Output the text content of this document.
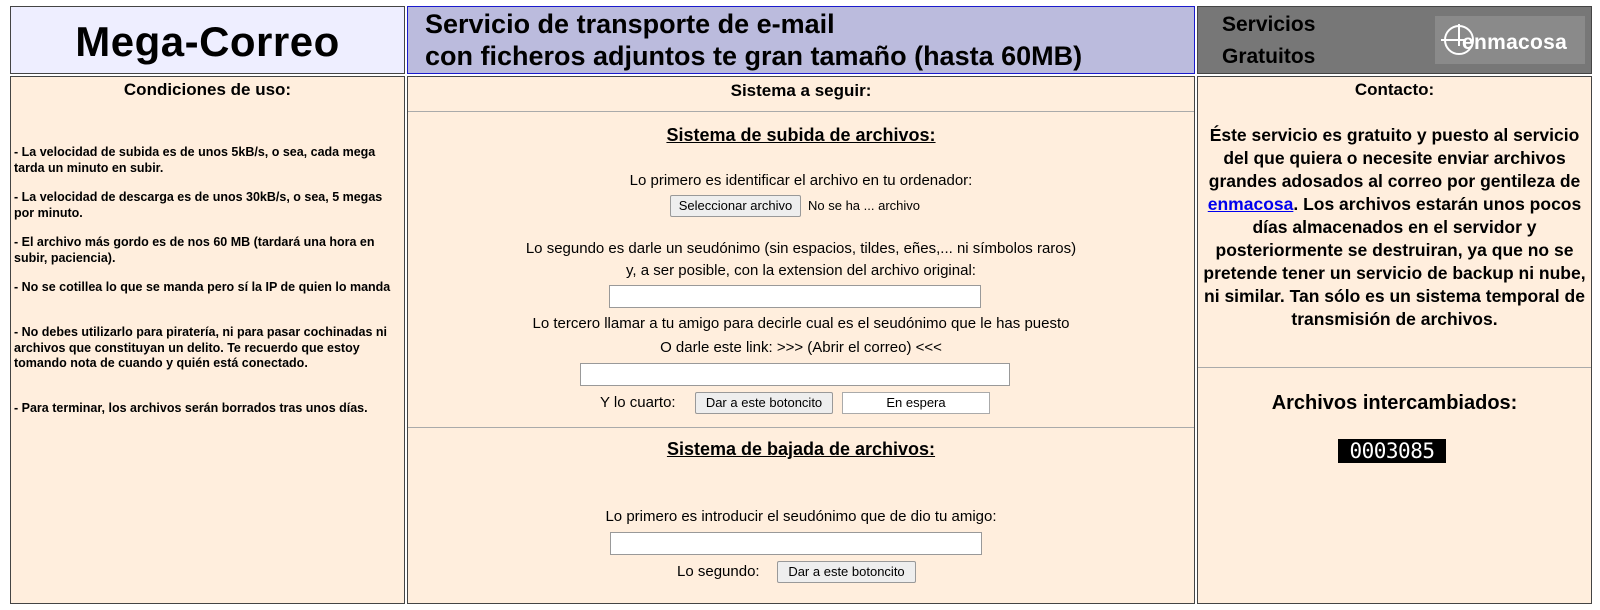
Mega-Correo	Servicio de transporte de e-mail
con ficheros adjuntos te gran tamaño (hasta 60MB)
Servicios
Gratuitos
enmacosa
Condiciones de uso:
- La velocidad de subida es de unos 5kB/s, o sea, cada mega tarda un minuto en subir.
- La velocidad de descarga es de unos 30kB/s, o sea, 5 megas por minuto.
- El archivo más gordo es de nos 60 MB (tardará una hora en subir, paciencia).
- No se cotillea lo que se manda pero sí la IP de quien lo manda
- No debes utilizarlo para piratería, ni para pasar cochinadas ni archivos que constituyan un delito. Te recuerdo que estoy tomando nota de cuando y quién está conectado.
- Para terminar, los archivos serán borrados tras unos días.
Sistema a seguir:
Sistema de subida de archivos:
Lo primero es identificar el archivo en tu ordenador:
Seleccionar archivo	No se ha ... archivo
Lo segundo es darle un seudónimo (sin espacios, tildes, eñes,... ni símbolos raros)
y, a ser posible, con la extension del archivo original:
Lo tercero llamar a tu amigo para decirle cual es el seudónimo que le has puesto
O darle este link: >>> (Abrir el correo) <<<
Y lo cuarto:	Dar a este botoncito	En espera
Sistema de bajada de archivos:
Lo primero es introducir el seudónimo que de dio tu amigo:
Lo segundo:	Dar a este botoncito
Contacto:
Éste servicio es gratuito y puesto al servicio del que quiera o necesite enviar archivos grandes adosados al correo por gentileza de enmacosa. Los archivos estarán unos pocos días almacenados en el servidor y posteriormente se destruiran, ya que no se pretende tener un servicio de backup ni nube, ni similar. Tan sólo es un sistema temporal de transmisión de archivos.
Archivos intercambiados:
0003085
